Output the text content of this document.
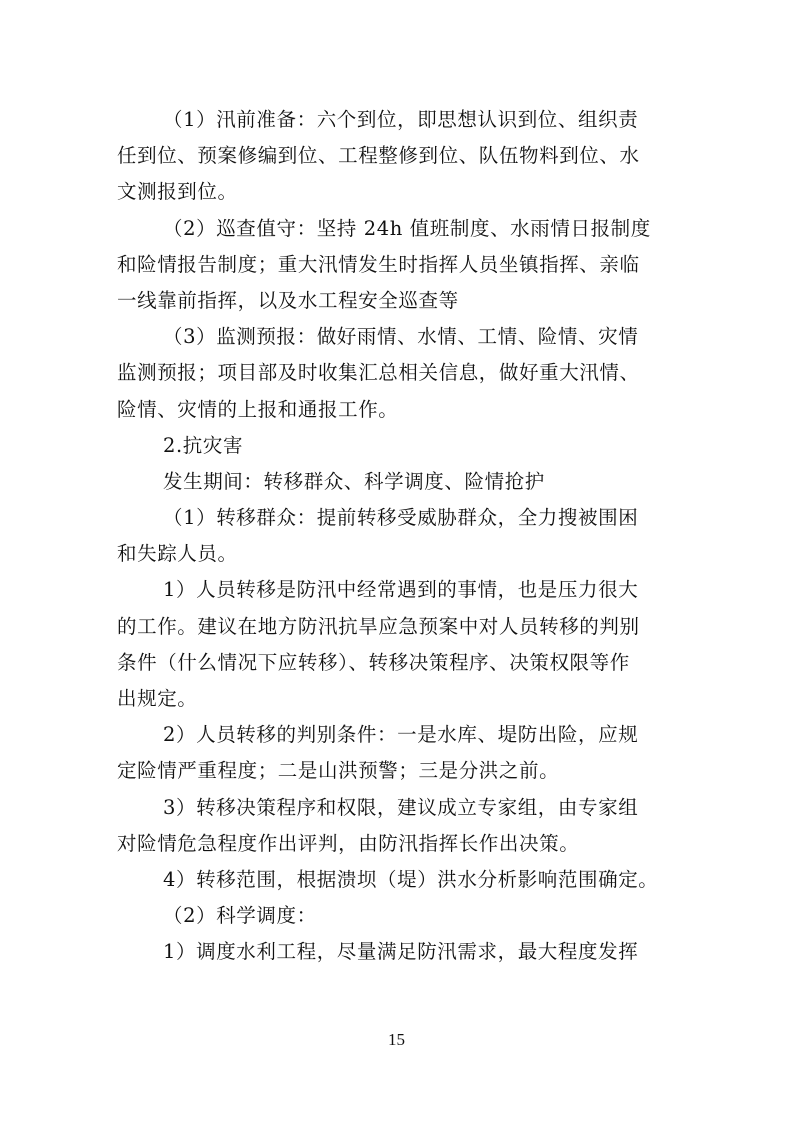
（1）汛前准备：六个到位，即思想认识到位、组织责
任到位、预案修编到位、工程整修到位、队伍物料到位、水
文测报到位。
（2）巡查值守：坚持 24h 值班制度、水雨情日报制度
和险情报告制度；重大汛情发生时指挥人员坐镇指挥、亲临
一线靠前指挥，以及水工程安全巡查等
（3）监测预报：做好雨情、水情、工情、险情、灾情
监测预报；项目部及时收集汇总相关信息，做好重大汛情、
险情、灾情的上报和通报工作。
2.抗灾害
发生期间：转移群众、科学调度、险情抢护
（1）转移群众：提前转移受威胁群众，全力搜被围困
和失踪人员。
1）人员转移是防汛中经常遇到的事情，也是压力很大
的工作。建议在地方防汛抗旱应急预案中对人员转移的判别
条件（什么情况下应转移）、转移决策程序、决策权限等作
出规定。
2）人员转移的判别条件：一是水库、堤防出险，应规
定险情严重程度；二是山洪预警；三是分洪之前。
3）转移决策程序和权限，建议成立专家组，由专家组
对险情危急程度作出评判，由防汛指挥长作出决策。
4）转移范围，根据溃坝（堤）洪水分析影响范围确定。
（2）科学调度：
1）调度水利工程，尽量满足防汛需求，最大程度发挥
15
